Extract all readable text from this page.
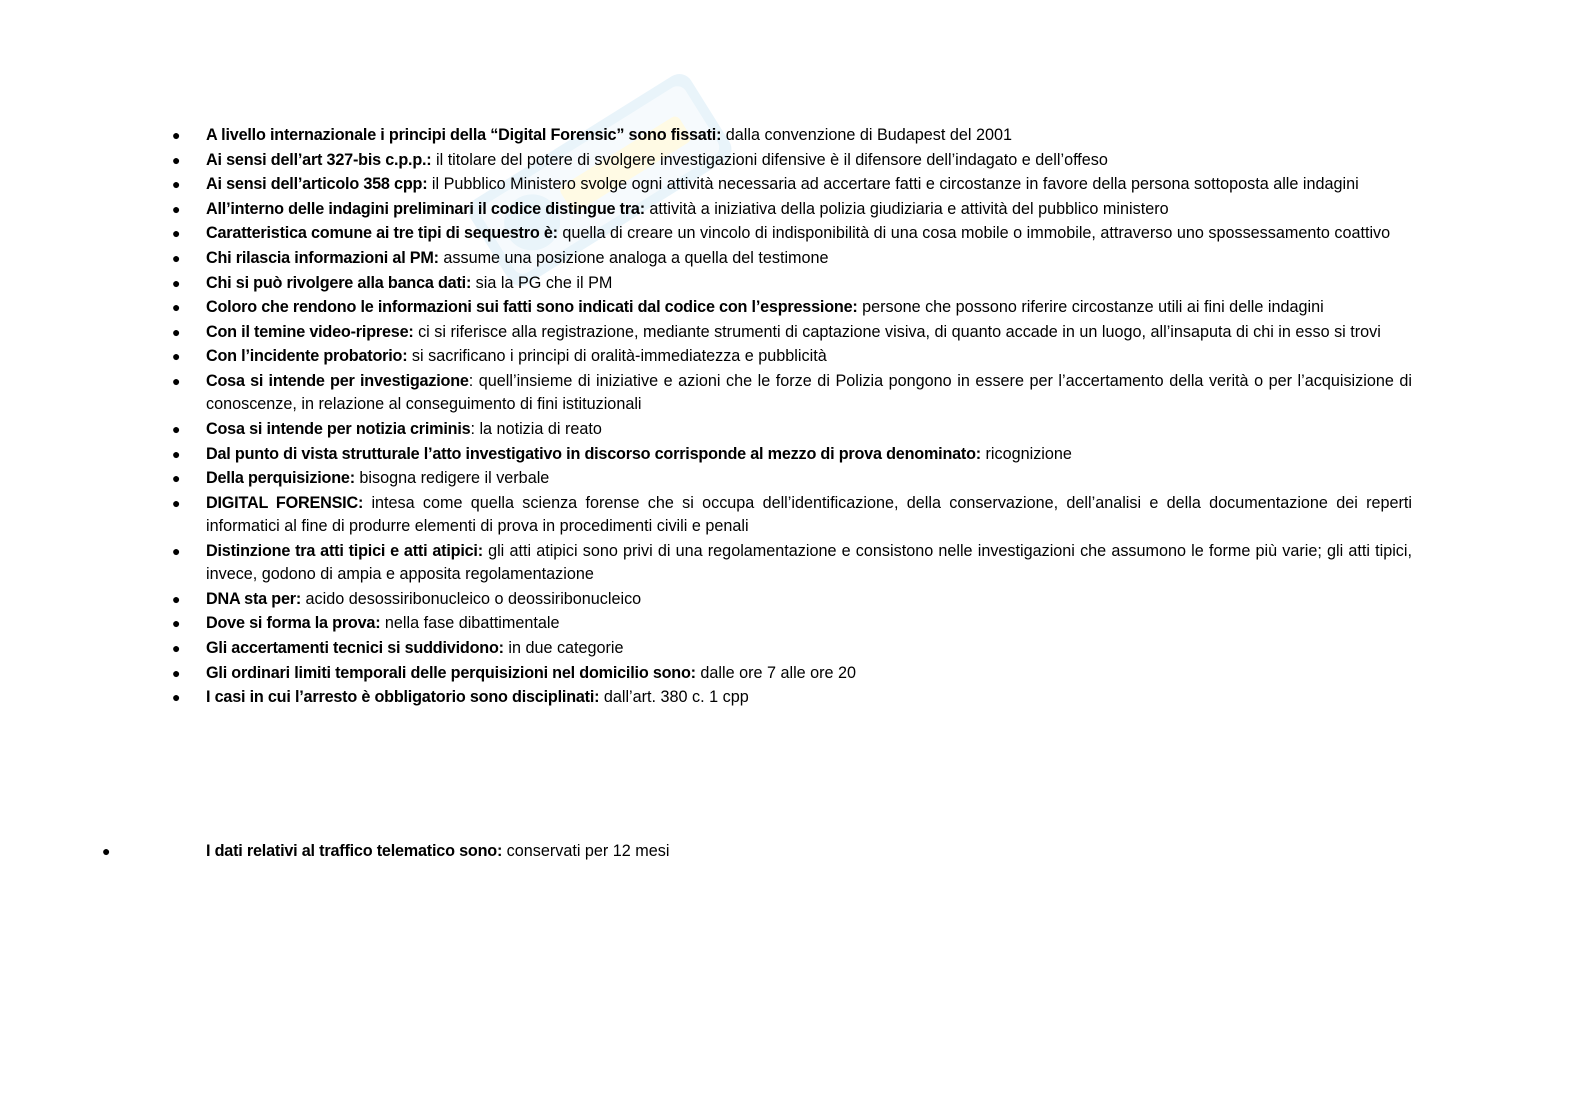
● A livello internazionale i principi della “Digital Forensic” sono fissati: dalla convenzione di Budapest del 2001
● Ai sensi dell’art 327-bis c.p.p.: il titolare del potere di svolgere investigazioni difensive è il difensore dell’indagato e dell’offeso
● Ai sensi dell’articolo 358 cpp: il Pubblico Ministero svolge ogni attività necessaria ad accertare fatti e circostanze in favore della persona sottoposta alle indagini
● All’interno delle indagini preliminari il codice distingue tra: attività a iniziativa della polizia giudiziaria e attività del pubblico ministero
● Caratteristica comune ai tre tipi di sequestro è: quella di creare un vincolo di indisponibilità di una cosa mobile o immobile, attraverso uno spossessamento coattivo
● Chi rilascia informazioni al PM: assume una posizione analoga a quella del testimone
● Chi si può rivolgere alla banca dati: sia la PG che il PM
● Coloro che rendono le informazioni sui fatti sono indicati dal codice con l’espressione: persone che possono riferire circostanze utili ai fini delle indagini
● Con il temine video-riprese: ci si riferisce alla registrazione, mediante strumenti di captazione visiva, di quanto accade in un luogo, all’insaputa di chi in esso si trovi
● Con l’incidente probatorio: si sacrificano i principi di oralità-immediatezza e pubblicità
● Cosa si intende per investigazione: quell’insieme di iniziative e azioni che le forze di Polizia pongono in essere per l’accertamento della verità o per l’acquisizione di conoscenze, in relazione al conseguimento di fini istituzionali
● Cosa si intende per notizia criminis: la notizia di reato
● Dal punto di vista strutturale l’atto investigativo in discorso corrisponde al mezzo di prova denominato: ricognizione
● Della perquisizione: bisogna redigere il verbale
● DIGITAL FORENSIC: intesa come quella scienza forense che si occupa dell’identificazione, della conservazione, dell’analisi e della documentazione dei reperti informatici al fine di produrre elementi di prova in procedimenti civili e penali
● Distinzione tra atti tipici e atti atipici: gli atti atipici sono privi di una regolamentazione e consistono nelle investigazioni che assumono le forme più varie; gli atti tipici, invece, godono di ampia e apposita regolamentazione
● DNA sta per: acido desossiribonucleico o deossiribonucleico
● Dove si forma la prova: nella fase dibattimentale
● Gli accertamenti tecnici si suddividono: in due categorie
● Gli ordinari limiti temporali delle perquisizioni nel domicilio sono: dalle ore 7 alle ore 20
● I casi in cui l’arresto è obbligatorio sono disciplinati: dall’art. 380 c. 1 cpp
●	I dati relativi al traffico telematico sono: conservati per 12 mesi
